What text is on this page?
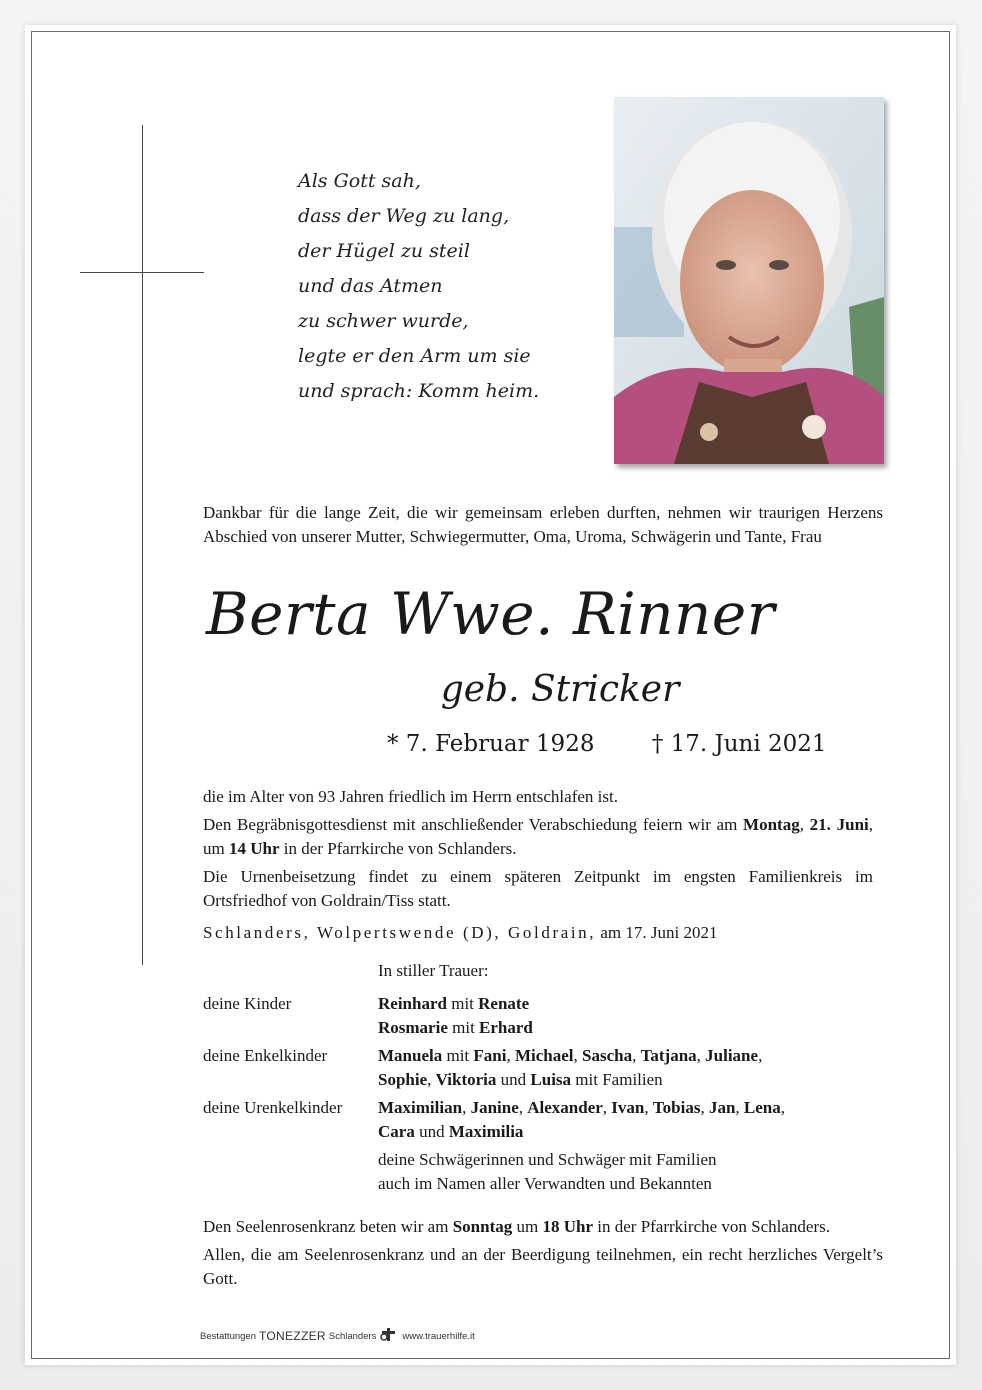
Als Gott sah,
dass der Weg zu lang,
der Hügel zu steil
und das Atmen
zu schwer wurde,
legte er den Arm um sie
und sprach: Komm heim.
Dankbar für die lange Zeit, die wir gemeinsam erleben durften, nehmen wir traurigen Herzens Abschied von unserer Mutter, Schwiegermutter, Oma, Uroma, Schwägerin und Tante, Frau
Berta Wwe. Rinner
geb. Stricker
* 7. Februar 1928 † 17. Juni 2021

die im Alter von 93 Jahren friedlich im Herrn entschlafen ist.

Den Begräbnisgottesdienst mit anschließender Verabschiedung feiern wir am Montag, 21. Juni, um 14 Uhr in der Pfarrkirche von Schlanders.

Die Urnenbeisetzung findet zu einem späteren Zeitpunkt im engsten Familienkreis im Ortsfriedhof von Goldrain/Tiss statt.

Schlanders, Wolpertswende (D), Goldrain, am 17. Juni 2021
In stiller Trauer:
deine Kinder	Reinhard mit Renate
Rosmarie mit Erhard
deine Enkelkinder	Manuela mit Fani, Michael, Sascha, Tatjana, Juliane,
Sophie, Viktoria und Luisa mit Familien
deine Urenkelkinder	Maximilian, Janine, Alexander, Ivan, Tobias, Jan, Lena,
Cara und Maximilia
deine Schwägerinnen und Schwäger mit Familien
auch im Namen aller Verwandten und Bekannten

Den Seelenrosenkranz beten wir am Sonntag um 18 Uhr in der Pfarrkirche von Schlanders.

Allen, die am Seelenrosenkranz und an der Beerdigung teilnehmen, ein recht herzliches Vergelt’s Gott.

Bestattungen TONEZZER Schlanders	www.trauerhilfe.it
